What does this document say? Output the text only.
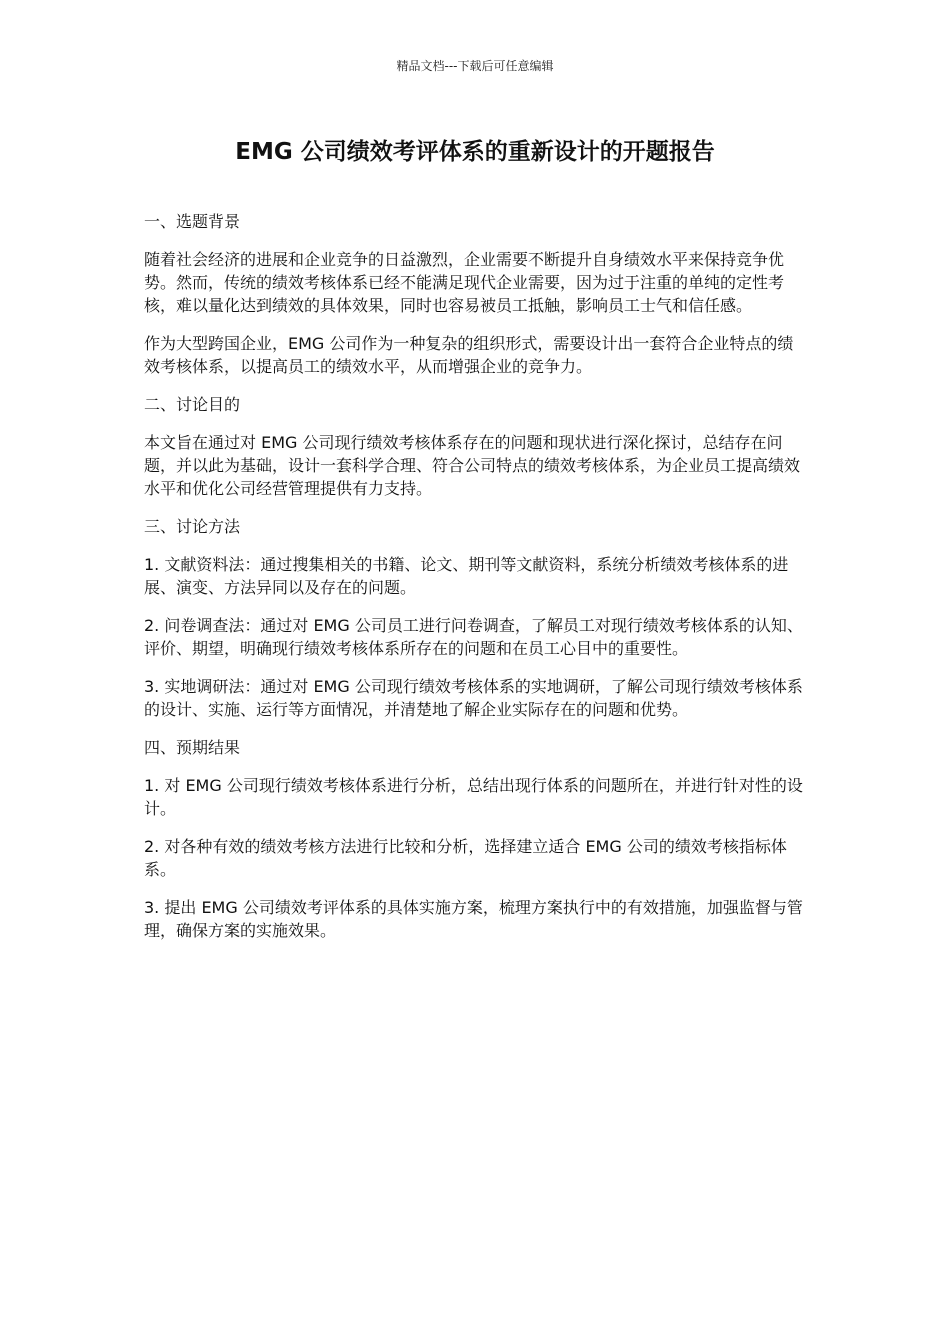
精品文档---下载后可任意编辑
EMG 公司绩效考评体系的重新设计的开题报告

一、选题背景

随着社会经济的进展和企业竞争的日益激烈，企业需要不断提升自身绩效水平来保持竞争优势。然而，传统的绩效考核体系已经不能满足现代企业需要，因为过于注重的单纯的定性考核，难以量化达到绩效的具体效果，同时也容易被员工抵触，影响员工士气和信任感。

作为大型跨国企业，EMG 公司作为一种复杂的组织形式，需要设计出一套符合企业特点的绩效考核体系，以提高员工的绩效水平，从而增强企业的竞争力。

二、讨论目的

本文旨在通过对 EMG 公司现行绩效考核体系存在的问题和现状进行深化探讨，总结存在问题，并以此为基础，设计一套科学合理、符合公司特点的绩效考核体系，为企业员工提高绩效水平和优化公司经营管理提供有力支持。

三、讨论方法

1. 文献资料法：通过搜集相关的书籍、论文、期刊等文献资料，系统分析绩效考核体系的进展、演变、方法异同以及存在的问题。

2. 问卷调查法：通过对 EMG 公司员工进行问卷调查，了解员工对现行绩效考核体系的认知、评价、期望，明确现行绩效考核体系所存在的问题和在员工心目中的重要性。

3. 实地调研法：通过对 EMG 公司现行绩效考核体系的实地调研，了解公司现行绩效考核体系的设计、实施、运行等方面情况，并清楚地了解企业实际存在的问题和优势。

四、预期结果

1. 对 EMG 公司现行绩效考核体系进行分析，总结出现行体系的问题所在，并进行针对性的设计。

2. 对各种有效的绩效考核方法进行比较和分析，选择建立适合 EMG 公司的绩效考核指标体系。

3. 提出 EMG 公司绩效考评体系的具体实施方案，梳理方案执行中的有效措施，加强监督与管理，确保方案的实施效果。
